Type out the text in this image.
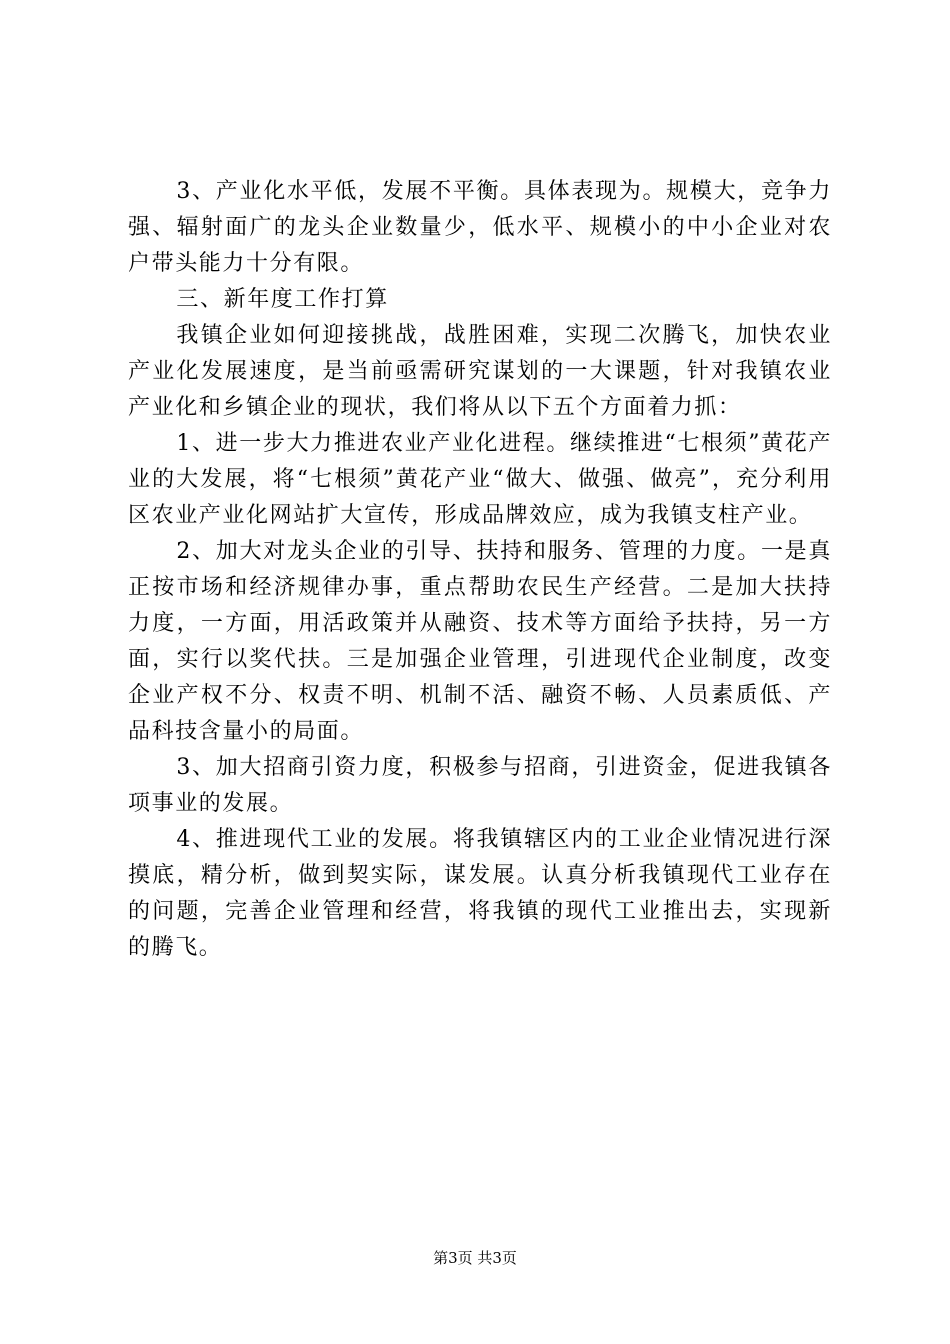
3、产业化水平低，发展不平衡。具体表现为。规模大，竞争力强、辐射面广的龙头企业数量少，低水平、规模小的中小企业对农户带头能力十分有限。

三、新年度工作打算

我镇企业如何迎接挑战，战胜困难，实现二次腾飞，加快农业产业化发展速度，是当前亟需研究谋划的一大课题，针对我镇农业产业化和乡镇企业的现状，我们将从以下五个方面着力抓：

1、进一步大力推进农业产业化进程。继续推进“七根须”黄花产业的大发展，将“七根须”黄花产业“做大、做强、做亮”，充分利用区农业产业化网站扩大宣传，形成品牌效应，成为我镇支柱产业。

2、加大对龙头企业的引导、扶持和服务、管理的力度。一是真正按市场和经济规律办事，重点帮助农民生产经营。二是加大扶持力度，一方面，用活政策并从融资、技术等方面给予扶持，另一方面，实行以奖代扶。三是加强企业管理，引进现代企业制度，改变企业产权不分、权责不明、机制不活、融资不畅、人员素质低、产品科技含量小的局面。

3、加大招商引资力度，积极参与招商，引进资金，促进我镇各项事业的发展。

4、推进现代工业的发展。将我镇辖区内的工业企业情况进行深摸底，精分析，做到契实际，谋发展。认真分析我镇现代工业存在的问题，完善企业管理和经营，将我镇的现代工业推出去，实现新的腾飞。

第3页 共3页
